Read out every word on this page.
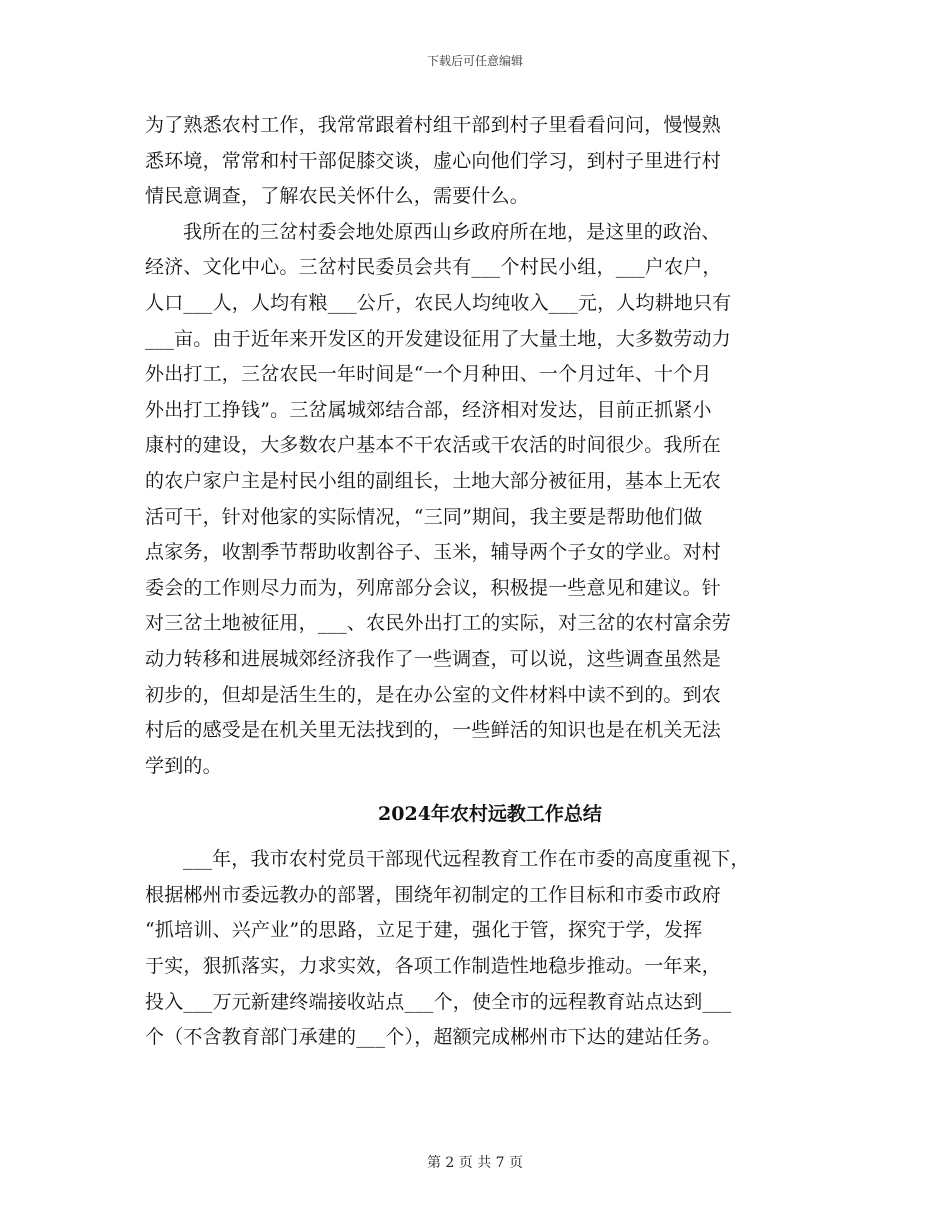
下载后可任意编辑

为了熟悉农村工作，我常常跟着村组干部到村子里看看问问，慢慢熟
悉环境，常常和村干部促膝交谈，虚心向他们学习，到村子里进行村
情民意调查，了解农民关怀什么，需要什么。

我所在的三岔村委会地处原西山乡政府所在地，是这里的政治、
经济、文化中心。三岔村民委员会共有___个村民小组，___户农户，
人口___人，人均有粮___公斤，农民人均纯收入___元，人均耕地只有
___亩。由于近年来开发区的开发建设征用了大量土地，大多数劳动力
外出打工，三岔农民一年时间是“一个月种田、一个月过年、十个月
外出打工挣钱”。三岔属城郊结合部，经济相对发达，目前正抓紧小
康村的建设，大多数农户基本不干农活或干农活的时间很少。我所在
的农户家户主是村民小组的副组长，土地大部分被征用，基本上无农
活可干，针对他家的实际情况，“三同”期间，我主要是帮助他们做
点家务，收割季节帮助收割谷子、玉米，辅导两个子女的学业。对村
委会的工作则尽力而为，列席部分会议，积极提一些意见和建议。针
对三岔土地被征用，___、农民外出打工的实际，对三岔的农村富余劳
动力转移和进展城郊经济我作了一些调查，可以说，这些调查虽然是
初步的，但却是活生生的，是在办公室的文件材料中读不到的。到农
村后的感受是在机关里无法找到的，一些鲜活的知识也是在机关无法
学到的。

2024年农村远教工作总结

___年，我市农村党员干部现代远程教育工作在市委的高度重视下，
根据郴州市委远教办的部署，围绕年初制定的工作目标和市委市政府
“抓培训、兴产业”的思路，立足于建，强化于管，探究于学，发挥
于实，狠抓落实，力求实效，各项工作制造性地稳步推动。一年来，
投入___万元新建终端接收站点___个，使全市的远程教育站点达到___
个（不含教育部门承建的___个），超额完成郴州市下达的建站任务。

第 2 页 共 7 页
